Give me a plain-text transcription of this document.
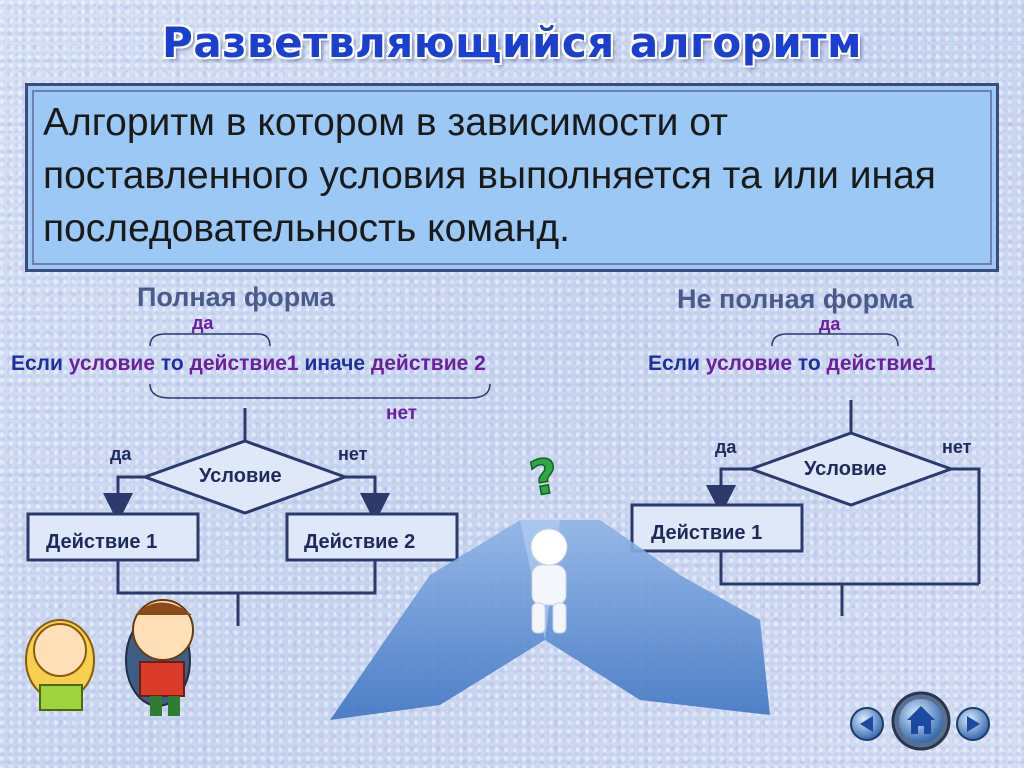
Разветвляющийся алгоритм
Алгоритм в котором в зависимости от поставленного условия выполняется та или иная последовательность команд.
Полная форма	Не полная форма
да
нет
Если условие то действие1 иначе действие 2
да
Если условие то действие1
?
да	нет
Условие
Действие 1	Действие 2
да	нет
Условие
Действие 1
